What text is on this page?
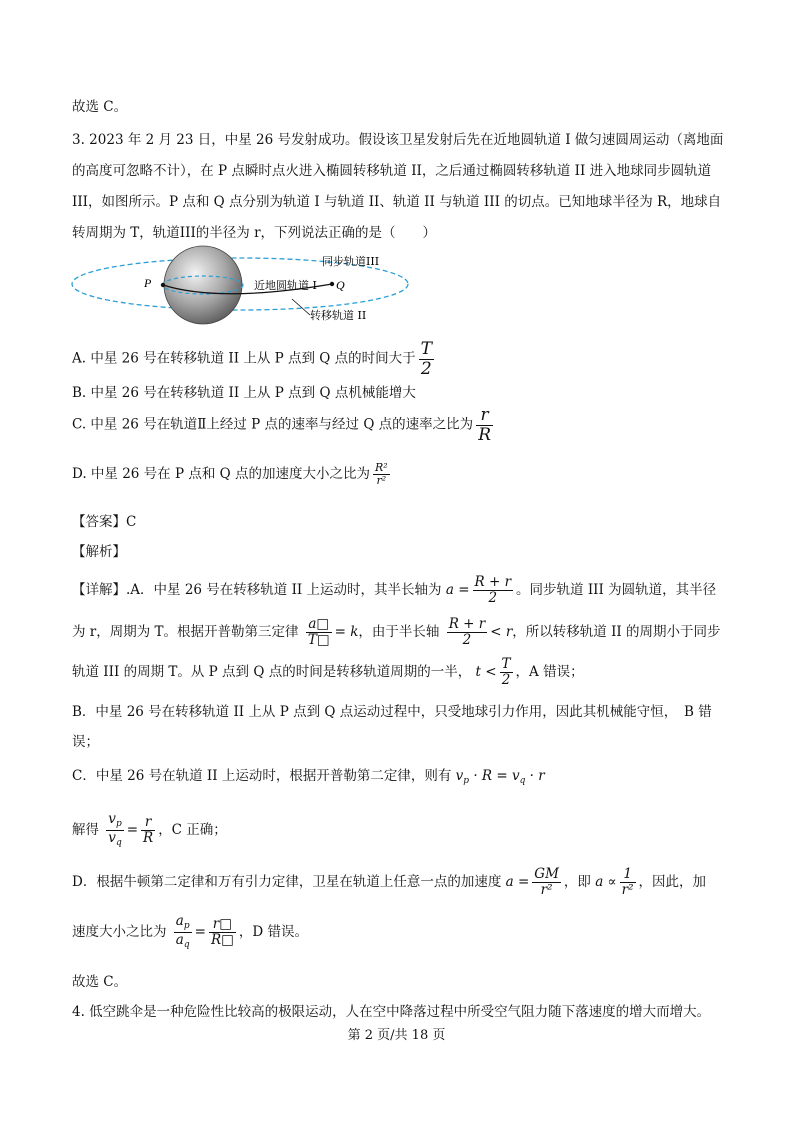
故选 C。
3. 2023 年 2 月 23 日，中星 26 号发射成功。假设该卫星发射后先在近地圆轨道 I 做匀速圆周运动（离地面
的高度可忽略不计），在 P 点瞬时点火进入椭圆转移轨道 II，之后通过椭圆转移轨道 II 进入地球同步圆轨道
III，如图所示。P 点和 Q 点分别为轨道 I 与轨道 II、轨道 II 与轨道 III 的切点。已知地球半径为 R，地球自
转周期为 T，轨道III的半径为 r，下列说法正确的是（　　）
P	Q
同步轨道III
近地圆轨道 I
转移轨道 II
A. 中星 26 号在转移轨道 II 上从 P 点到 Q 点的时间大于 $\frac{T}{2}$
B. 中星 26 号在转移轨道 II 上从 P 点到 Q 点机械能增大
C. 中星 26 号在轨道Ⅱ上经过 P 点的速率与经过 Q 点的速率之比为 $\frac{r}{R}$
D. 中星 26 号在 P 点和 Q 点的加速度大小之比为 $\frac{\text{R²}}{\text{r²}}$
【答案】C
【解析】
【详解】.A．中星 26 号在转移轨道 II 上运动时，其半长轴为 $a = \frac{R + r}{2}$ 。同步轨道 III 为圆轨道，其半径
为 r，周期为 T。根据开普勒第三定律 $\frac{a□}{T□} = k$，由于半长轴 $\frac{R + r}{2} < r$，所以转移轨道 II 的周期小于同步
轨道 III 的周期 T。从 P 点到 Q 点的时间是转移轨道周期的一半， $t < \frac{T}{2}$ ，A 错误；
B．中星 26 号在转移轨道 II 上从 P 点到 Q 点运动过程中，只受地球引力作用，因此其机械能守恒，　B 错
误；
C．中星 26 号在轨道 II 上运动时，根据开普勒第二定律，则有 $v_p \cdot R = v_q \cdot r$
解得 $\frac{v_p}{v_q} = \frac{r}{R}$ ，C 正确；
D．根据牛顿第二定律和万有引力定律，卫星在轨道上任意一点的加速度 $a = \frac{GM}{\text{r²}}$ ，即 $a \propto \frac{1}{\text{r²}}$ ，因此，加
速度大小之比为 $\frac{a_p}{a_q} = \frac{r□}{R□}$ ，D 错误。
故选 C。
4. 低空跳伞是一种危险性比较高的极限运动，人在空中降落过程中所受空气阻力随下落速度的增大而增大。
第 2 页/共 18 页
